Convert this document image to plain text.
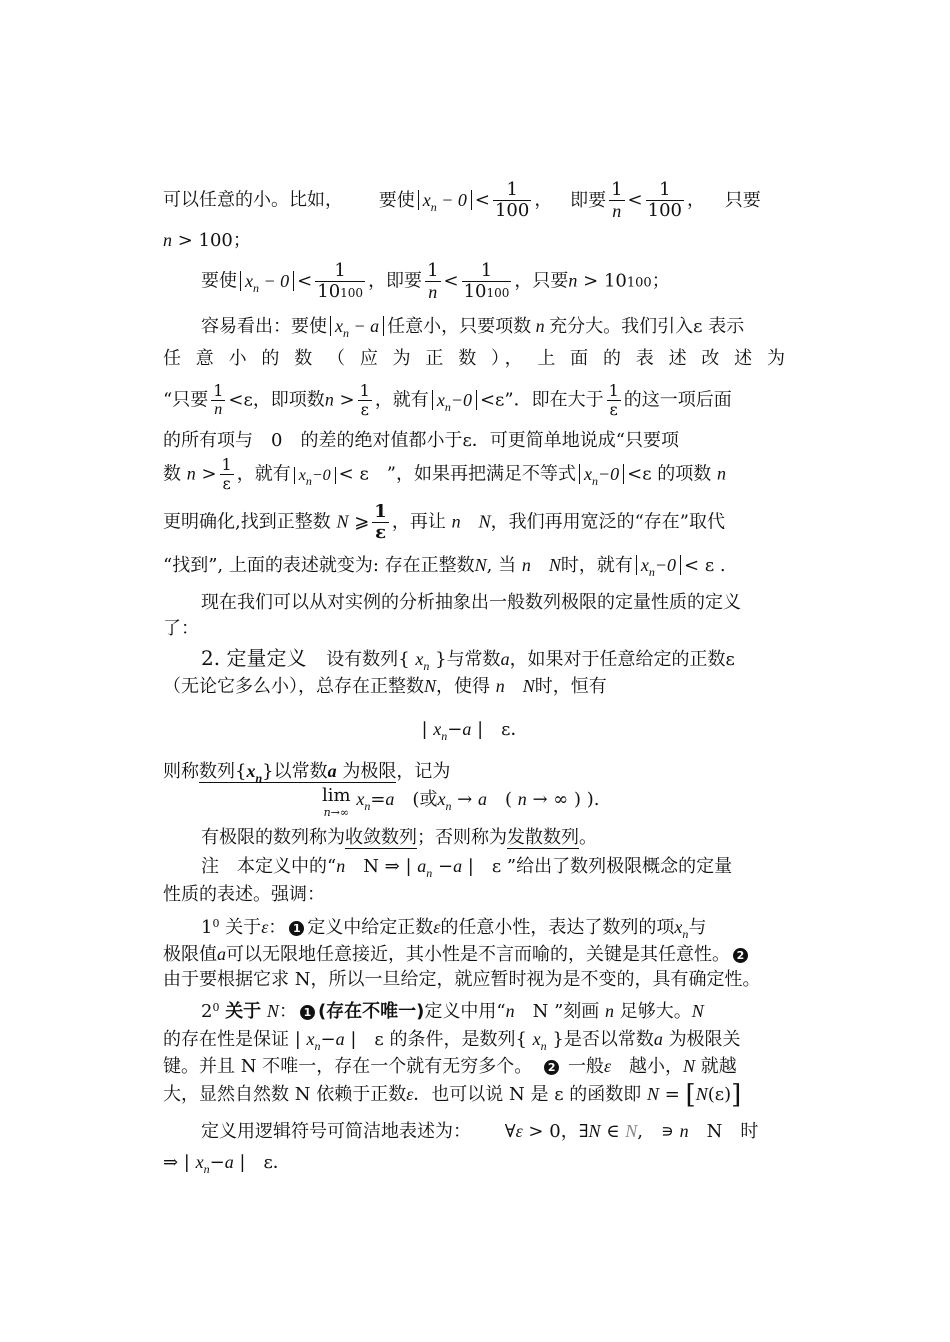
可以任意的小。比如， 要使 $x_n - 0 < \frac{1}{100}$ ， 即要 $\frac{1}{n} < \frac{1}{100}$ ， 只要
n > 100；
要使 $x_n - 0 < \frac{1}{10100}$ ，即要 $\frac{1}{n} < \frac{1}{10100}$ ，只要n > 10100；
容易看出：要使 $x_n - a$ 任意小，只要项数 n 充分大。我们引入ε 表示
任 意 小 的 数 （ 应 为 正 数 ）， 上 面 的 表 述 改 述 为
“只要 $\frac{1}{n} <\varepsilon$，即项数$n > \frac{1}{\varepsilon}$ ，就有 $x_n-0 <\varepsilon$”．即在大于 $\frac{1}{\varepsilon}$ 的这一项后面
的所有项与　0　的差的绝对值都小于ε．可更简单地说成“只要项
数 $n > \frac{1}{\varepsilon}$ ，就有 $x_n-0 < \varepsilon$　”，如果再把满足不等式 $x_n-0 <\varepsilon$ 的项数 n
更明确化,找到正整数 N ⩾ $\frac{1}{\varepsilon}$ ，再让 n　 N，我们再用宽泛的“存在”取代
“找到”, 上面的表述就变为: 存在正整数N, 当 n　 N时，就有 $x_n-0 < \varepsilon$ .
现在我们可以从对实例的分析抽象出一般数列极限的定量性质的定义
了：
2. 定量定义 设有数列{ $x_n$ }与常数a，如果对于任意给定的正数ε
（无论它多么小），总存在正整数N，使得 n　 N时，恒有
| $x_n-a$ |　ε．
则称数列$\{x_n\}$以常数a 为极限，记为
lim
n→∞
$x_n=a$　 (或$x_n \to a$　( n → ∞ ) ).
有极限的数列称为收敛数列；否则称为发散数列。
注　本定义中的“n　N ⇒ | $a_n -a$ |　ε ”给出了数列极限概念的定量
性质的表述。强调：
$1^0$ 关于ε： 1 定义中给定正数ε的任意小性，表达了数列的项$x_n$与
极限值a可以无限地任意接近，其小性是不言而喻的，关键是其任意性。 2
由于要根据它求 N，所以一旦给定，就应暂时视为是不变的，具有确定性。
$2^0$ 关于 N： 1 (存在不唯一)定义中用“n　N ”刻画 n 足够大。N
的存在性是保证 | $x_n-a$ |　ε 的条件，是数列{ $x_n$ }是否以常数a 为极限关
键。并且 N 不唯一，存在一个就有无穷多个。　 2 一般ε　 越小，N 就越
大，显然自然数 N 依赖于正数ε．也可以说 N 是 ε 的函数即 N = [N(ε)]
定义用逻辑符号可简洁地表述为： ∀ε > 0，∃N ∈ N,　∍ n　N　时
⇒ | $x_n-a$ |　ε．
